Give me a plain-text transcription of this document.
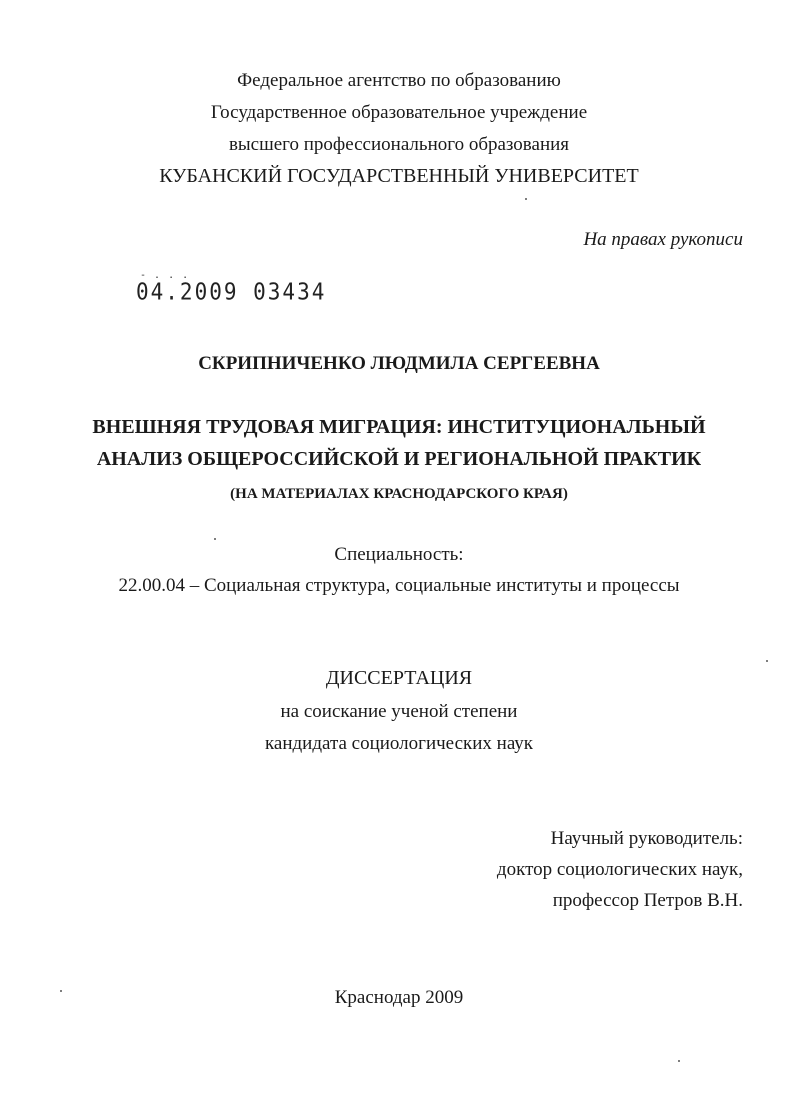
Федеральное агентство по образованию
Государственное образовательное учреждение
высшего профессионального образования
КУБАНСКИЙ ГОСУДАРСТВЕННЫЙ УНИВЕРСИТЕТ
На правах рукописи
- . . .
04.2009 03434
СКРИПНИЧЕНКО ЛЮДМИЛА СЕРГЕЕВНА
ВНЕШНЯЯ ТРУДОВАЯ МИГРАЦИЯ: ИНСТИТУЦИОНАЛЬНЫЙ
АНАЛИЗ ОБЩЕРОССИЙСКОЙ И РЕГИОНАЛЬНОЙ ПРАКТИК
(НА МАТЕРИАЛАХ КРАСНОДАРСКОГО КРАЯ)
Специальность:
22.00.04 – Социальная структура, социальные институты и процессы
ДИССЕРТАЦИЯ
на соискание ученой степени
кандидата социологических наук
Научный руководитель:
доктор социологических наук,
профессор Петров В.Н.
Краснодар 2009
